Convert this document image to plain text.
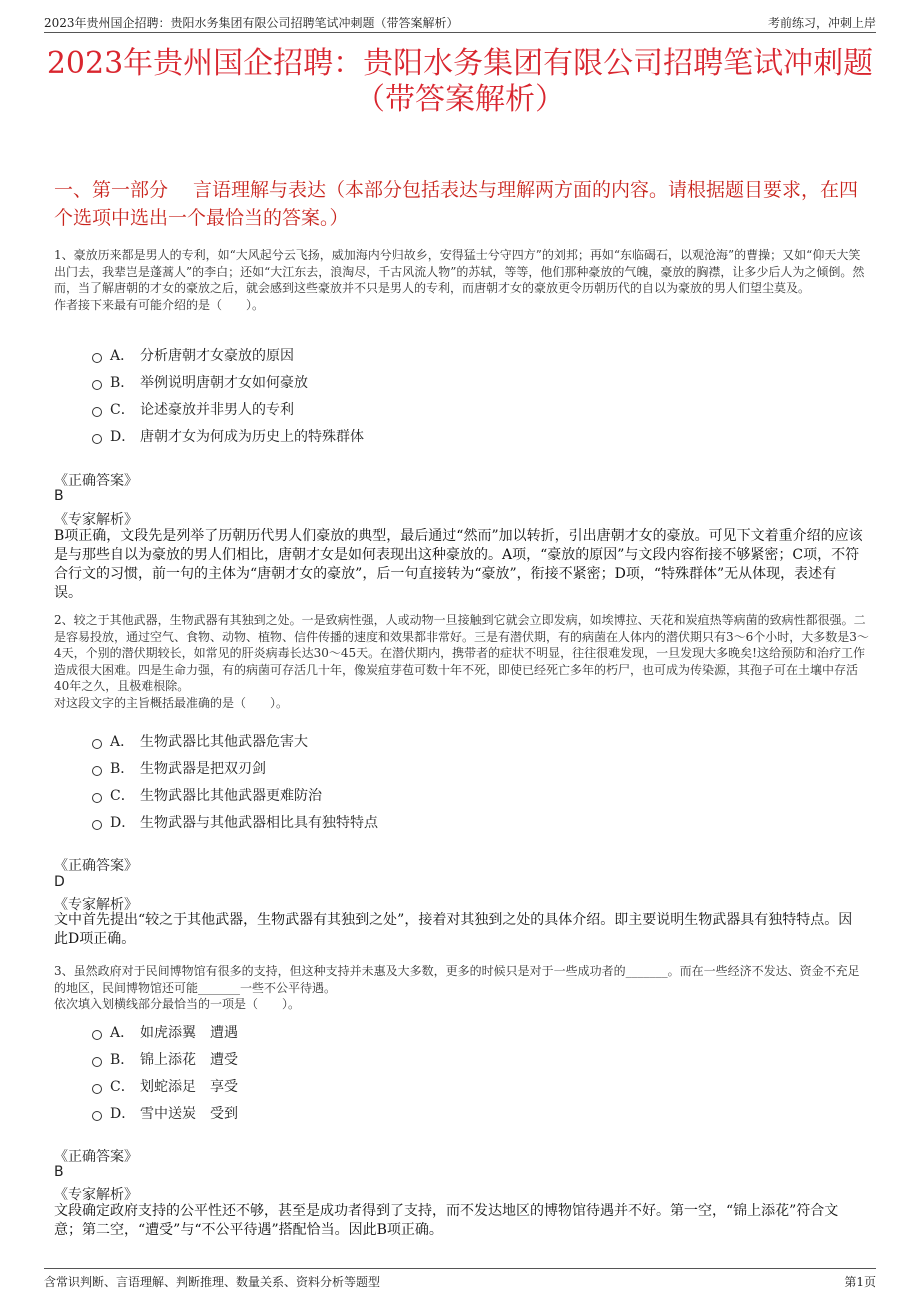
2023年贵州国企招聘：贵阳水务集团有限公司招聘笔试冲刺题（带答案解析）	考前练习，冲刺上岸
2023年贵州国企招聘：贵阳水务集团有限公司招聘笔试冲刺题
（带答案解析）
一、第一部分　 言语理解与表达（本部分包括表达与理解两方面的内容。请根据题目要求，在四个选项中选出一个最恰当的答案。）

1、豪放历来都是男人的专利，如“大风起兮云飞扬，威加海内兮归故乡，安得猛士兮守四方”的刘邦；再如“东临碣石，以观沧海”的曹操；又如“仰天大笑出门去，我辈岂是蓬蒿人”的李白；还如“大江东去，浪淘尽，千古风流人物”的苏轼，等等，他们那种豪放的气魄，豪放的胸襟，让多少后人为之倾倒。然而，当了解唐朝的才女的豪放之后，就会感到这些豪放并不只是男人的专利，而唐朝才女的豪放更令历朝历代的自以为豪放的男人们望尘莫及。

作者接下来最有可能介绍的是（　　）。

A． 分析唐朝才女豪放的原因
B． 举例说明唐朝才女如何豪放
C． 论述豪放并非男人的专利
D． 唐朝才女为何成为历史上的特殊群体
《正确答案》
B
《专家解析》
B项正确，文段先是列举了历朝历代男人们豪放的典型，最后通过“然而”加以转折，引出唐朝才女的豪放。可见下文着重介绍的应该是与那些自以为豪放的男人们相比，唐朝才女是如何表现出这种豪放的。A项，“豪放的原因”与文段内容衔接不够紧密；C项，不符合行文的习惯，前一句的主体为“唐朝才女的豪放”，后一句直接转为“豪放”，衔接不紧密；D项，“特殊群体”无从体现，表述有误。

2、较之于其他武器，生物武器有其独到之处。一是致病性强，人或动物一旦接触到它就会立即发病，如埃博拉、天花和炭疽热等病菌的致病性都很强。二是容易投放，通过空气、食物、动物、植物、信件传播的速度和效果都非常好。三是有潜伏期，有的病菌在人体内的潜伏期只有3～6个小时，大多数是3～4天，个别的潜伏期较长，如常见的肝炎病毒长达30～45天。在潜伏期内，携带者的症状不明显，往往很难发现，一旦发现大多晚矣!这给预防和治疗工作造成很大困难。四是生命力强，有的病菌可存活几十年，像炭疽芽苞可数十年不死，即使已经死亡多年的朽尸，也可成为传染源，其孢子可在土壤中存活40年之久，且极难根除。

对这段文字的主旨概括最准确的是（　　）。

A． 生物武器比其他武器危害大
B． 生物武器是把双刃剑
C． 生物武器比其他武器更难防治
D． 生物武器与其他武器相比具有独特特点
《正确答案》
D
《专家解析》
文中首先提出“较之于其他武器，生物武器有其独到之处”，接着对其独到之处的具体介绍。即主要说明生物武器具有独特特点。因此D项正确。

3、虽然政府对于民间博物馆有很多的支持，但这种支持并未惠及大多数，更多的时候只是对于一些成功者的_______。而在一些经济不发达、资金不充足的地区，民间博物馆还可能_______一些不公平待遇。

依次填入划横线部分最恰当的一项是（　　）。

A． 如虎添翼　遭遇
B． 锦上添花　遭受
C． 划蛇添足　享受
D． 雪中送炭　受到
《正确答案》
B
《专家解析》
文段确定政府支持的公平性还不够，甚至是成功者得到了支持，而不发达地区的博物馆待遇并不好。第一空，“锦上添花”符合文意；第二空，“遭受”与“不公平待遇”搭配恰当。因此B项正确。
含常识判断、言语理解、判断推理、数量关系、资料分析等题型	第1页
